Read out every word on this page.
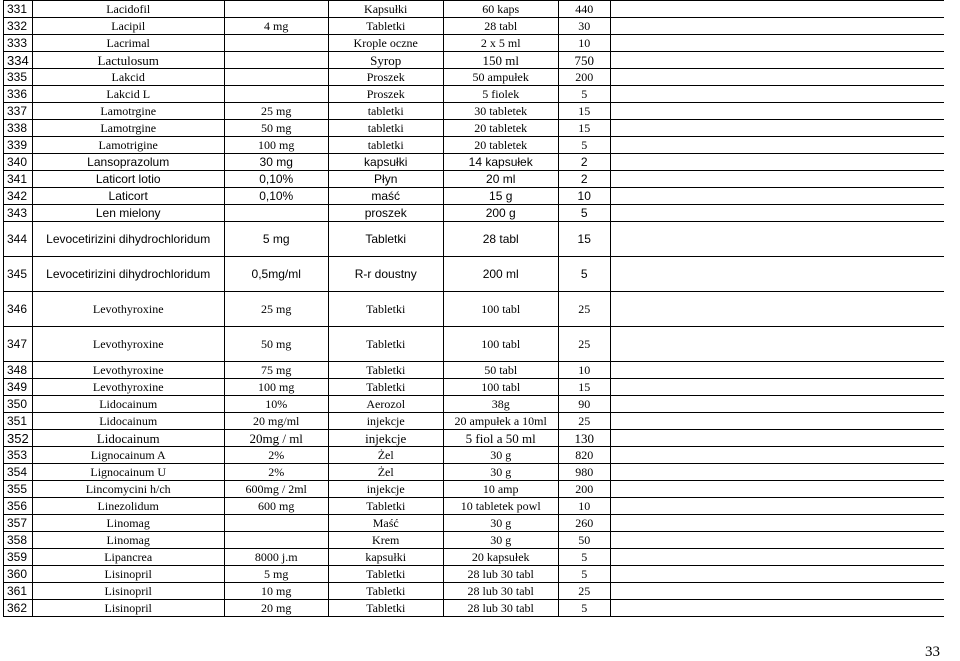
331	Lacidofil		Kapsułki	60 kaps	440	
332	Lacipil	4 mg	Tabletki	28 tabl	30	
333	Lacrimal		Krople oczne	2 x 5 ml	10	
334	Lactulosum		Syrop	150 ml	750	
335	Lakcid		Proszek	50 ampułek	200	
336	Lakcid L		Proszek	5 fiolek	5	
337	Lamotrgine	25 mg	tabletki	30 tabletek	15	
338	Lamotrgine	50 mg	tabletki	20 tabletek	15	
339	Lamotrigine	100 mg	tabletki	20 tabletek	5	
340	Lansoprazolum	30 mg	kapsułki	14 kapsułek	2	
341	Laticort lotio	0,10%	Płyn	20 ml	2	
342	Laticort	0,10%	maść	15 g	10	
343	Len mielony		proszek	200 g	5	
344	Levocetirizini dihydrochloridum	5 mg	Tabletki	28 tabl	15	
345	Levocetirizini dihydrochloridum	0,5mg/ml	R-r doustny	200 ml	5	
346	Levothyroxine	25 mg	Tabletki	100 tabl	25	
347	Levothyroxine	50 mg	Tabletki	100 tabl	25	
348	Levothyroxine	75 mg	Tabletki	50 tabl	10	
349	Levothyroxine	100 mg	Tabletki	100 tabl	15	
350	Lidocainum	10%	Aerozol	38g	90	
351	Lidocainum	20 mg/ml	injekcje	20 ampułek a 10ml	25	
352	Lidocainum	20mg / ml	injekcje	5 fiol a 50 ml	130	
353	Lignocainum A	2%	Żel	30 g	820	
354	Lignocainum U	2%	Żel	30 g	980	
355	Lincomycini h/ch	600mg / 2ml	injekcje	10 amp	200	
356	Linezolidum	600 mg	Tabletki	10 tabletek powl	10	
357	Linomag		Maść	30 g	260	
358	Linomag		Krem	30 g	50	
359	Lipancrea	8000 j.m	kapsułki	20 kapsułek	5	
360	Lisinopril	5 mg	Tabletki	28 lub 30 tabl	5	
361	Lisinopril	10 mg	Tabletki	28 lub 30 tabl	25	
362	Lisinopril	20 mg	Tabletki	28 lub 30 tabl	5	
33
